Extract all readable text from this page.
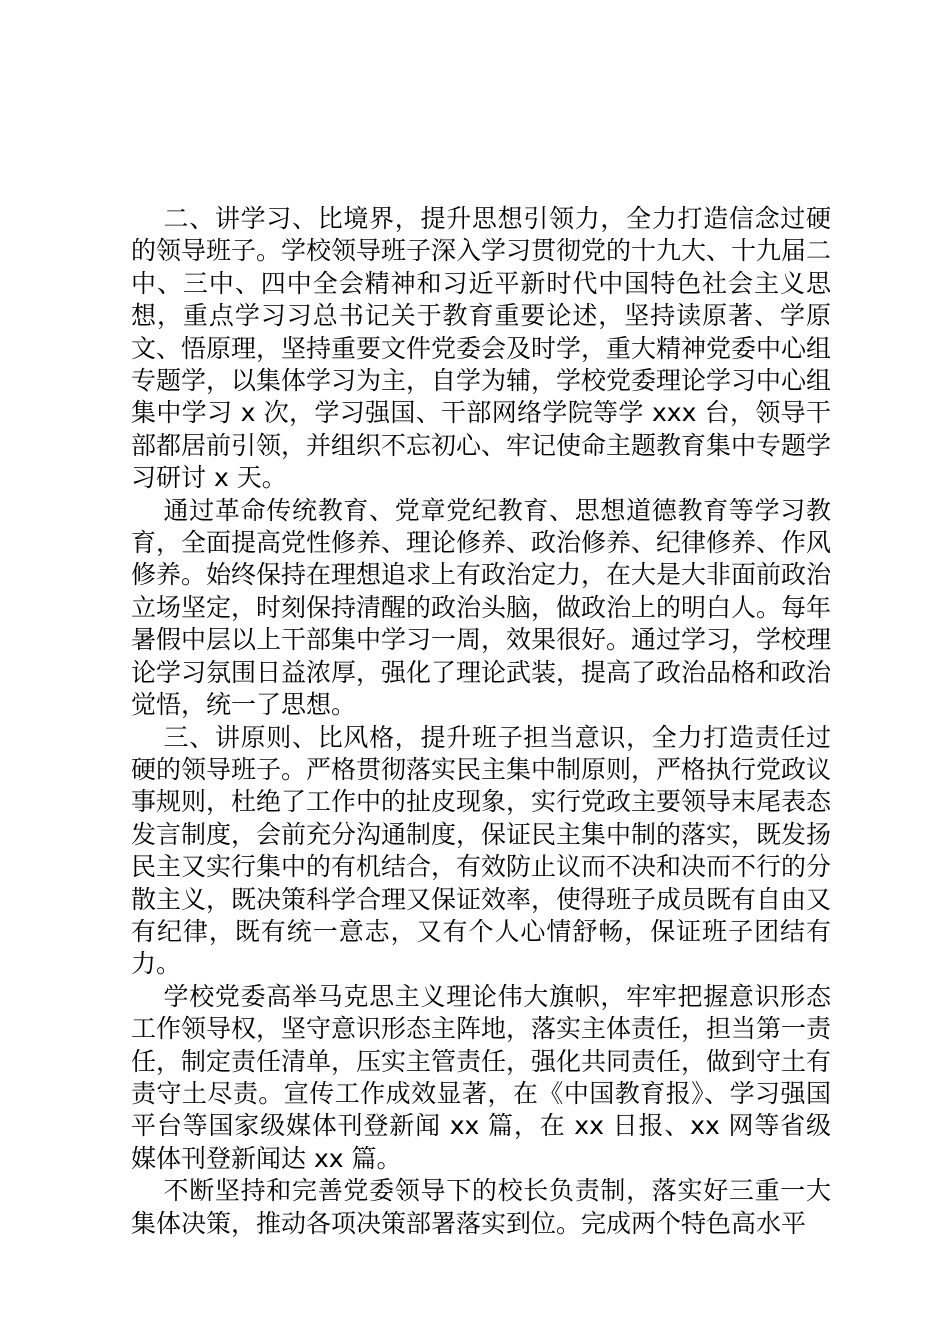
二、讲学习、比境界，提升思想引领力，全力打造信念过硬的领导班子。学校领导班子深入学习贯彻党的十九大、十九届二中、三中、四中全会精神和习近平新时代中国特色社会主义思想，重点学习习总书记关于教育重要论述，坚持读原著、学原文、悟原理，坚持重要文件党委会及时学，重大精神党委中心组专题学，以集体学习为主，自学为辅，学校党委理论学习中心组集中学习 x 次，学习强国、干部网络学院等学 xxx 台，领导干部都居前引领，并组织不忘初心、牢记使命主题教育集中专题学习研讨 x 天。

通过革命传统教育、党章党纪教育、思想道德教育等学习教育，全面提高党性修养、理论修养、政治修养、纪律修养、作风修养。始终保持在理想追求上有政治定力，在大是大非面前政治立场坚定，时刻保持清醒的政治头脑，做政治上的明白人。每年暑假中层以上干部集中学习一周，效果很好。通过学习，学校理论学习氛围日益浓厚，强化了理论武装，提高了政治品格和政治觉悟，统一了思想。

三、讲原则、比风格，提升班子担当意识，全力打造责任过硬的领导班子。严格贯彻落实民主集中制原则，严格执行党政议事规则，杜绝了工作中的扯皮现象，实行党政主要领导末尾表态发言制度，会前充分沟通制度，保证民主集中制的落实，既发扬民主又实行集中的有机结合，有效防止议而不决和决而不行的分散主义，既决策科学合理又保证效率，使得班子成员既有自由又有纪律，既有统一意志，又有个人心情舒畅，保证班子团结有力。

学校党委高举马克思主义理论伟大旗帜，牢牢把握意识形态工作领导权，坚守意识形态主阵地，落实主体责任，担当第一责任，制定责任清单，压实主管责任，强化共同责任，做到守土有责守土尽责。宣传工作成效显著，在《中国教育报》、学习强国平台等国家级媒体刊登新闻 xx 篇，在 xx 日报、xx 网等省级媒体刊登新闻达 xx 篇。

不断坚持和完善党委领导下的校长负责制，落实好三重一大集体决策，推动各项决策部署落实到位。完成两个特色高水平
